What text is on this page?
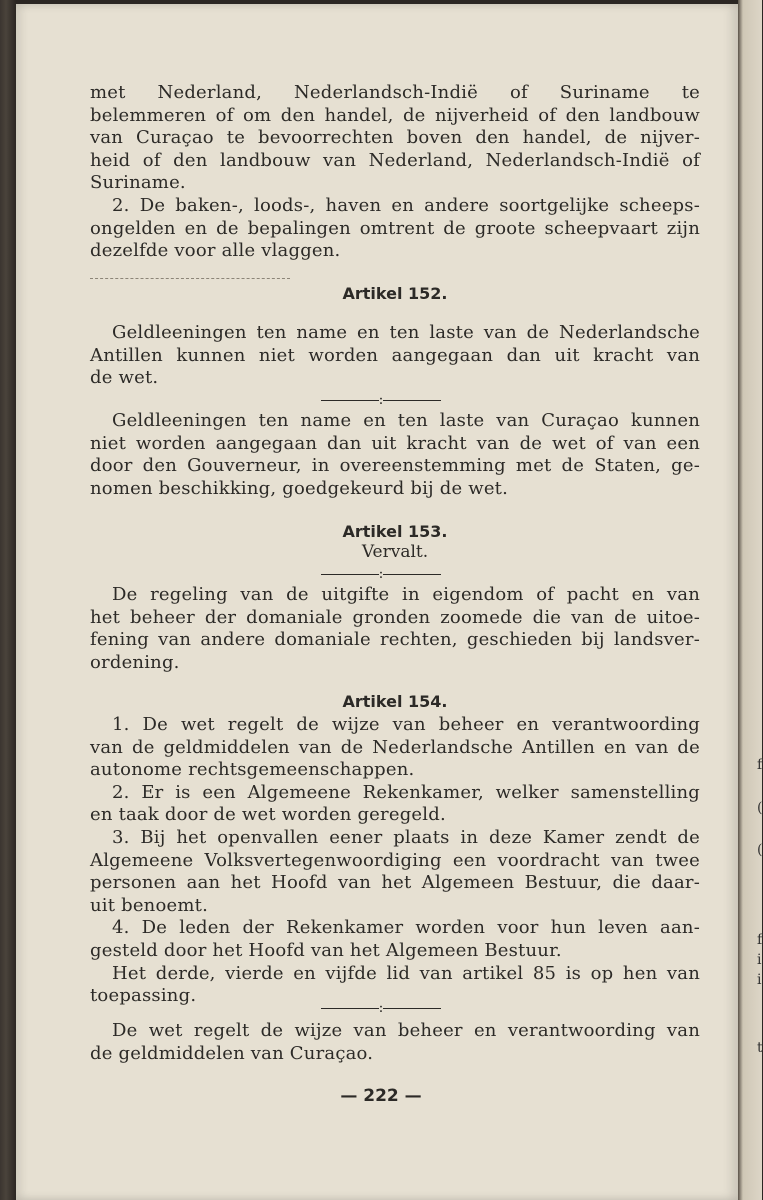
f
(
(
f
i
i
t
met Nederland, Nederlandsch-Indië of Suriname te
belemmeren of om den handel, de nijverheid of den landbouw
van Curaçao te bevoorrechten boven den handel, de nijver-
heid of den landbouw van Nederland, Nederlandsch-Indië of
Suriname.
2. De baken-, loods-, haven en andere soortgelijke scheeps-
ongelden en de bepalingen omtrent de groote scheepvaart zijn
dezelfde voor alle vlaggen.
Artikel 152.
Geldleeningen ten name en ten laste van de Nederlandsche
Antillen kunnen niet worden aangegaan dan uit kracht van
de wet.
:
Geldleeningen ten name en ten laste van Curaçao kunnen
niet worden aangegaan dan uit kracht van de wet of van een
door den Gouverneur, in overeenstemming met de Staten, ge-
nomen beschikking, goedgekeurd bij de wet.
Artikel 153.
Vervalt.
:
De regeling van de uitgifte in eigendom of pacht en van
het beheer der domaniale gronden zoomede die van de uitoe-
fening van andere domaniale rechten, geschieden bij landsver-
ordening.
Artikel 154.
1. De wet regelt de wijze van beheer en verantwoording
van de geldmiddelen van de Nederlandsche Antillen en van de
autonome rechtsgemeenschappen.
2. Er is een Algemeene Rekenkamer, welker samenstelling
en taak door de wet worden geregeld.
3. Bij het openvallen eener plaats in deze Kamer zendt de
Algemeene Volksvertegenwoordiging een voordracht van twee
personen aan het Hoofd van het Algemeen Bestuur, die daar-
uit benoemt.
4. De leden der Rekenkamer worden voor hun leven aan-
gesteld door het Hoofd van het Algemeen Bestuur.
Het derde, vierde en vijfde lid van artikel 85 is op hen van
toepassing.
:
De wet regelt de wijze van beheer en verantwoording van
de geldmiddelen van Curaçao.
— 222 —
